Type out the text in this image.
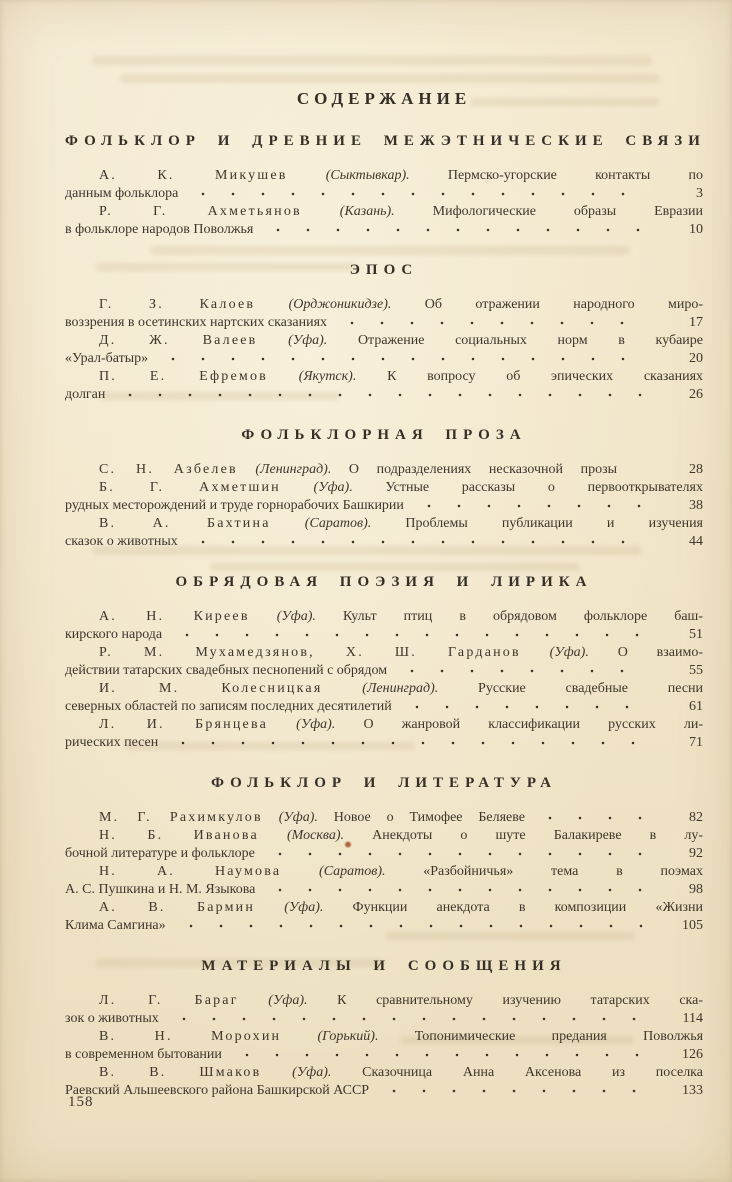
СОДЕРЖАНИЕ
ФОЛЬКЛОР И ДРЕВНИЕ МЕЖЭТНИЧЕСКИЕ СВЯЗИ
А. К. Микушев	(Сыктывкар).	Пермско-угорские контакты по
данным фольклора	3
Р. Г. Ахметьянов	(Казань).	Мифологические образы Евразии
в фольклоре народов Поволжья	10
ЭПОС
Г. З. Калоев (Орджоникидзе). Об отражении народного миро-
воззрения в осетинских нартских сказаниях	17
Д. Ж. Валеев (Уфа). Отражение социальных норм в кубаире
«Урал-батыр»	20
П. Е. Ефремов (Якутск). К вопросу об эпических сказаниях
долган	26
ФОЛЬКЛОРНАЯ ПРОЗА
С. Н. Азбелев (Ленинград). О подразделениях несказочной прозы	28
Б. Г. Ахметшин (Уфа). Устные рассказы о первооткрывателях
рудных месторождений и труде горнорабочих Башкирии	38
В. А. Бахтина (Саратов). Проблемы публикации и изучения
сказок о животных	44
ОБРЯДОВАЯ ПОЭЗИЯ И ЛИРИКА
А. Н. Киреев (Уфа). Культ птиц в обрядовом фольклоре баш-
кирского народа	51
Р. М. Мухамедзянов, Х. Ш. Гарданов (Уфа). О взаимо-
действии татарских свадебных песнопений с обрядом	55
И. М. Колесницкая	(Ленинград).	Русские свадебные песни
северных областей по записям последних десятилетий	61
Л. И. Брянцева (Уфа). О жанровой классификации русских ли-
рических песен	71
ФОЛЬКЛОР И ЛИТЕРАТУРА
М. Г. Рахимкулов (Уфа). Новое о Тимофее Беляеве	82
Н. Б. Иванова (Москва). Анекдоты о шуте Балакиреве в лу-
бочной литературе и фольклоре	92
Н. А. Наумова	(Саратов).	«Разбойничья» тема в поэмах
А. С. Пушкина и Н. М. Языкова	98
А. В. Бармин (Уфа). Функции анекдота в композиции «Жизни
Клима Самгина»	105
МАТЕРИАЛЫ И СООБЩЕНИЯ
Л. Г. Бараг (Уфа). К сравнительному изучению татарских ска-
зок о животных	114
В. Н. Морохин	(Горький).	Топонимические предания Поволжья
в современном бытовании	126
В. В. Шмаков (Уфа). Сказочница Анна Аксенова из поселка
Раевский Альшеевского района Башкирской АССР	133
158
